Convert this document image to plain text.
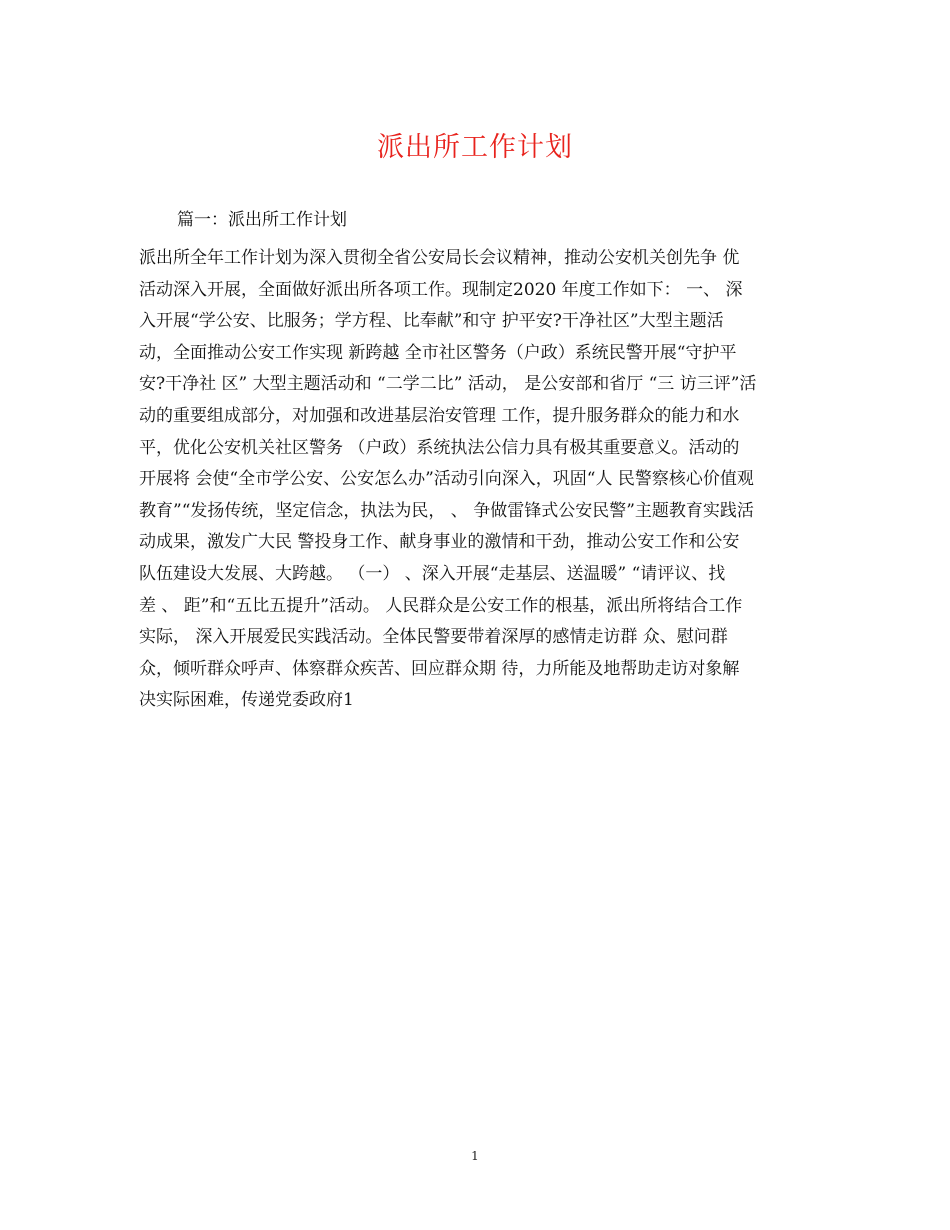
派出所工作计划
篇一：派出所工作计划
派出所全年工作计划为深入贯彻全省公安局长会议精神，推动公安机关创先争 优
活动深入开展，全面做好派出所各项工作。现制定2020 年度工作如下： 一、 深
入开展“学公安、比服务；学方程、比奉献”和守 护平安?干净社区”大型主题活
动，全面推动公安工作实现 新跨越 全市社区警务（户政）系统民警开展“守护平
安?干净社 区” 大型主题活动和 “二学二比” 活动， 是公安部和省厅 “三 访三评”活
动的重要组成部分，对加强和改进基层治安管理 工作，提升服务群众的能力和水
平，优化公安机关社区警务 （户政）系统执法公信力具有极其重要意义。活动的
开展将 会使“全市学公安、公安怎么办”活动引向深入，巩固“人 民警察核心价值观
教育”“发扬传统，坚定信念，执法为民， 、 争做雷锋式公安民警”主题教育实践活
动成果，激发广大民 警投身工作、献身事业的激情和干劲，推动公安工作和公安
队伍建设大发展、大跨越。 （一） 、深入开展“走基层、送温暖” “请评议、找
差 、 距”和“五比五提升”活动。 人民群众是公安工作的根基，派出所将结合工作
实际， 深入开展爱民实践活动。全体民警要带着深厚的感情走访群 众、慰问群
众，倾听群众呼声、体察群众疾苦、回应群众期 待，力所能及地帮助走访对象解
决实际困难，传递党委政府1
1
